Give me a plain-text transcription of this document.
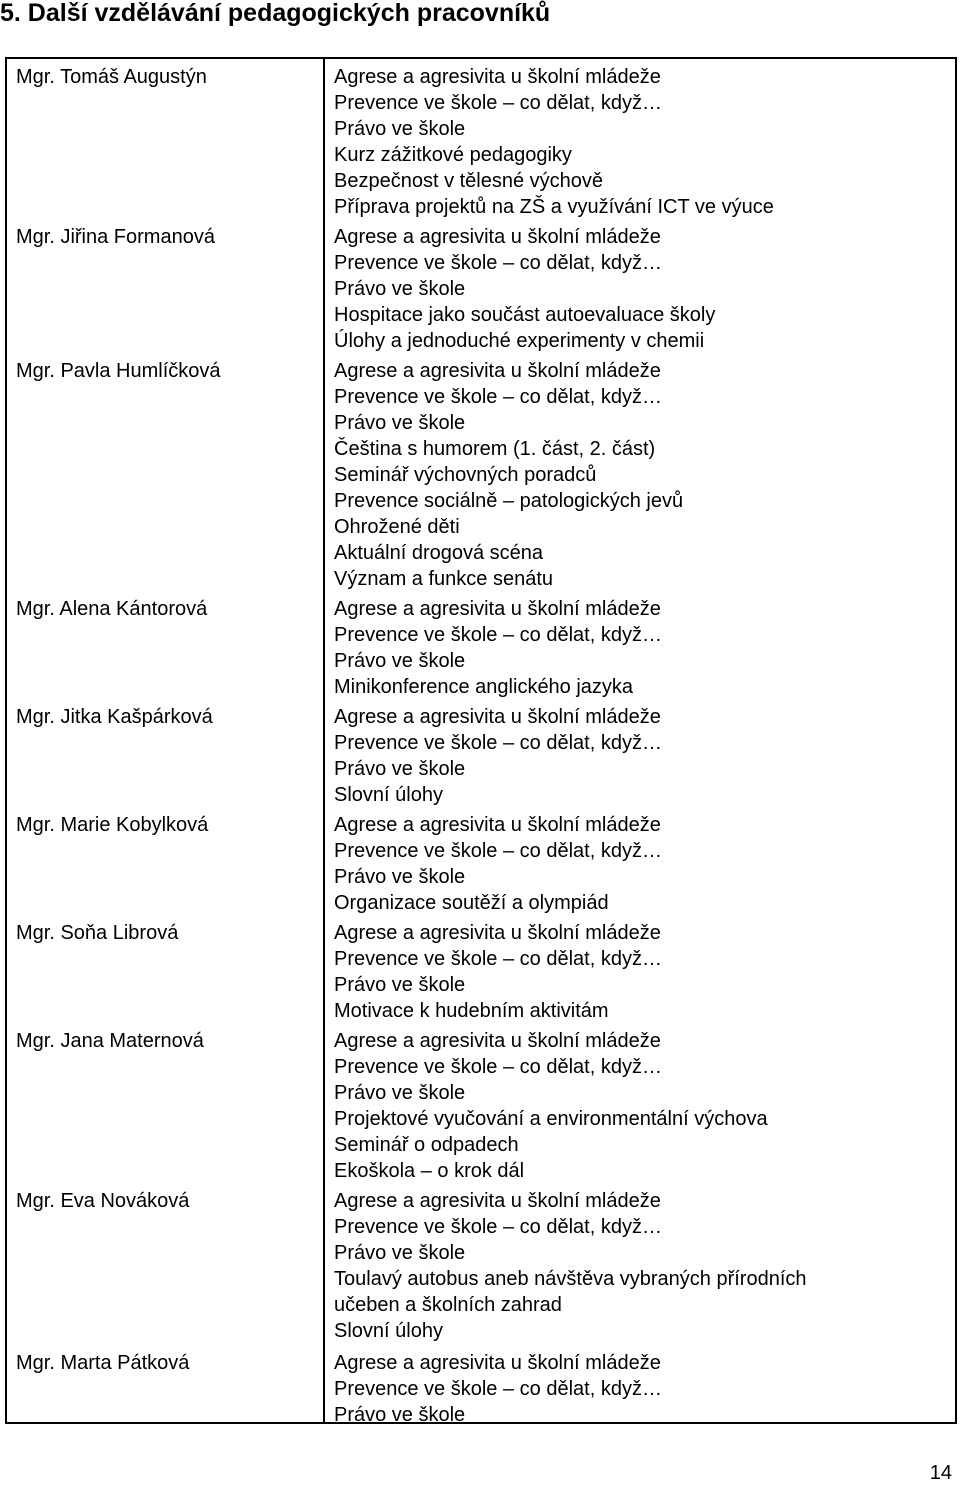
5. Další vzdělávání pedagogických pracovníků
Mgr. Tomáš Augustýn	Agrese a agresivita u školní mládeže
Prevence ve škole – co dělat, když…
Právo ve škole
Kurz zážitkové pedagogiky
Bezpečnost v tělesné výchově
Příprava projektů na ZŠ a využívání ICT ve výuce
Mgr. Jiřina Formanová	Agrese a agresivita u školní mládeže
Prevence ve škole – co dělat, když…
Právo ve škole
Hospitace jako součást autoevaluace školy
Úlohy a jednoduché experimenty v chemii
Mgr. Pavla Humlíčková	Agrese a agresivita u školní mládeže
Prevence ve škole – co dělat, když…
Právo ve škole
Čeština s humorem (1. část, 2. část)
Seminář výchovných poradců
Prevence sociálně – patologických jevů
Ohrožené děti
Aktuální drogová scéna
Význam a funkce senátu
Mgr. Alena Kántorová	Agrese a agresivita u školní mládeže
Prevence ve škole – co dělat, když…
Právo ve škole
Minikonference anglického jazyka
Mgr. Jitka Kašpárková	Agrese a agresivita u školní mládeže
Prevence ve škole – co dělat, když…
Právo ve škole
Slovní úlohy
Mgr. Marie Kobylková	Agrese a agresivita u školní mládeže
Prevence ve škole – co dělat, když…
Právo ve škole
Organizace soutěží a olympiád
Mgr. Soňa Librová	Agrese a agresivita u školní mládeže
Prevence ve škole – co dělat, když…
Právo ve škole
Motivace k hudebním aktivitám
Mgr. Jana Maternová	Agrese a agresivita u školní mládeže
Prevence ve škole – co dělat, když…
Právo ve škole
Projektové vyučování a environmentální výchova
Seminář o odpadech
Ekoškola – o krok dál
Mgr. Eva Nováková	Agrese a agresivita u školní mládeže
Prevence ve škole – co dělat, když…
Právo ve škole
Toulavý autobus aneb návštěva vybraných přírodních
učeben a školních zahrad
Slovní úlohy
Mgr. Marta Pátková	Agrese a agresivita u školní mládeže
Prevence ve škole – co dělat, když…
Právo ve škole
14
